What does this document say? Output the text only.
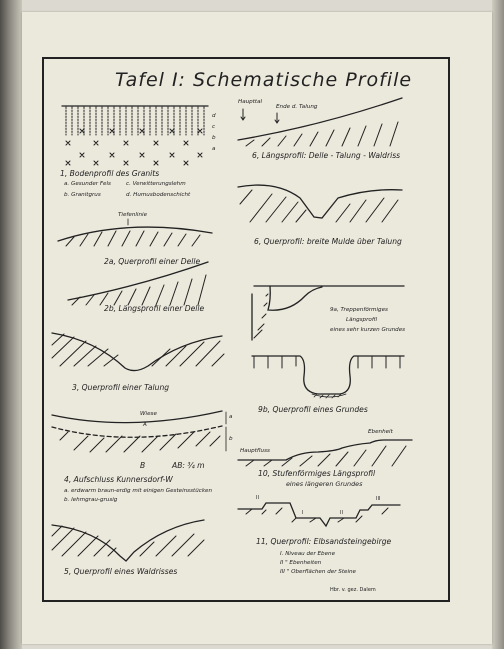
Tafel I: Schematische Profile
d
c
b
a
1, Bodenprofil des Granits
a. Gesunder Fels	c. Verwitterungslehm
b. Granitgrus	d. Humusbodenschicht
Tiefenlinie
2a, Querprofil einer Delle
2b, Längsprofil einer Delle
3, Querprofil einer Talung
Wiese
A
a
b
B	AB: ¾ m
4, Aufschluss Kunnersdorf-W
a. erdwarm braun-erdig mit einigen Gesteinsstücken
b. lehmgrau-grusig
5, Querprofil eines Waldrisses
Haupttal
Ende d. Talung
6, Längsprofil: Delle - Talung - Waldriss
6, Querprofil: breite Mulde über Talung
9a, Treppenförmiges
Längsprofil
eines sehr kurzen Grundes
9b, Querprofil eines Grundes
Ebenheit
Hauptfluss
10, Stufenförmiges Längsprofil
eines längeren Grundes
II
I	II
III
11, Querprofil: Elbsandsteingebirge
I. Niveau der Ebene
II " Ebenheiten
III " Oberflächen der Steine
Hbr. v. gez. Dalem
